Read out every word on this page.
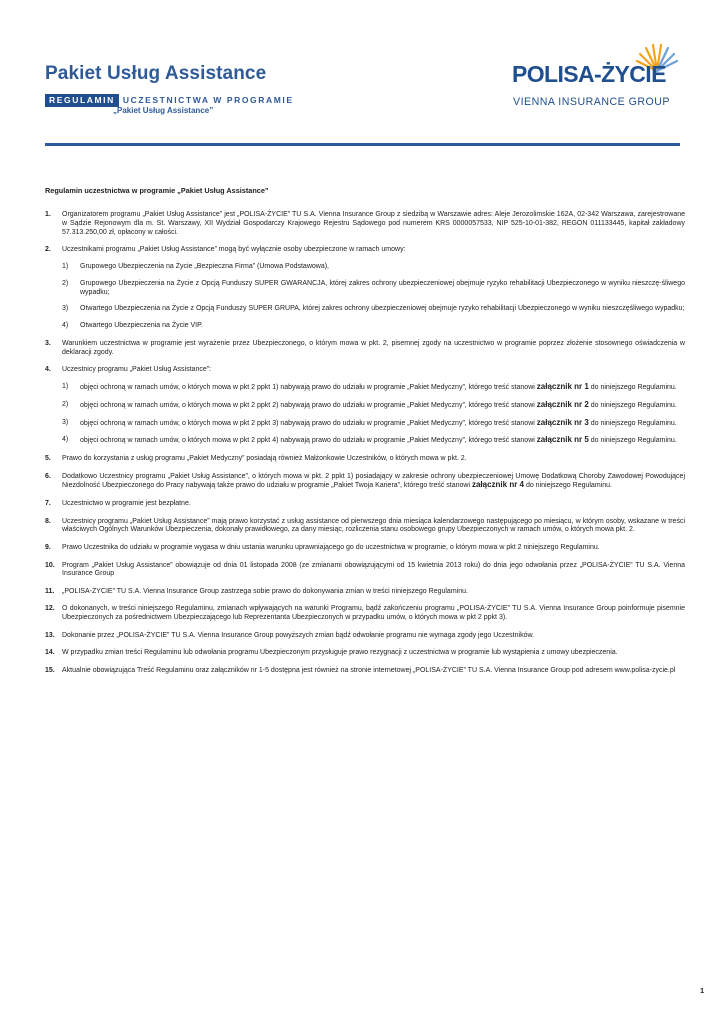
Pakiet Usług Assistance
REGULAMIN UCZESTNICTWA W PROGRAMIE
„Pakiet Usług Assistance”
POLISA-ŻYCIE
VIENNA INSURANCE GROUP
Regulamin uczestnictwa w programie „Pakiet Usług Assistance”
1. Organizatorem programu „Pakiet Usług Assistance” jest „POLISA-ŻYCIE” TU S.A. Vienna Insurance Group z siedzibą w Warszawie adres: Aleje Jerozolimskie 162A, 02-342 Warszawa, zarejestrowane w Sądzie Rejonowym dla m. St. Warszawy, XII Wydział Gospodarczy Krajowego Rejestru Sądowego pod numerem KRS 0000057533, NIP 525-10-01-382, REGON 011133445, kapitał zakładowy 57.313.250,00 zł, opłacony w całości.
2. Uczestnikami programu „Pakiet Usług Assistance” mogą być wyłącznie osoby ubezpieczone w ramach umowy:
1) Grupowego Ubezpieczenia na Życie „Bezpieczna Firma” (Umowa Podstawowa),
2) Grupowego Ubezpieczenia na Życie z Opcją Funduszy SUPER GWARANCJA, której zakres ochrony ubezpieczeniowej obejmuje ryzyko rehabilitacji Ubezpieczonego w wyniku nieszczę-śliwego wypadku;
3) Otwartego Ubezpieczenia na Życie z Opcją Funduszy SUPER GRUPA, której zakres ochrony ubezpieczeniowej obejmuje ryzyko rehabilitacji Ubezpieczonego w wyniku nieszczęśliwego wypadku;
4) Otwartego Ubezpieczenia na Życie VIP.
3. Warunkiem uczestnictwa w programie jest wyrażenie przez Ubezpieczonego, o którym mowa w pkt. 2, pisemnej zgody na uczestnictwo w programie poprzez złożenie stosownego oświadczenia w deklaracji zgody.
4. Uczestnicy programu „Pakiet Usług Assistance”:
1) objęci ochroną w ramach umów, o których mowa w pkt 2 ppkt 1) nabywają prawo do udziału w programie „Pakiet Medyczny”, którego treść stanowi załącznik nr 1 do niniejszego Regulaminu.
2) objęci ochroną w ramach umów, o których mowa w pkt 2 ppkt 2) nabywają prawo do udziału w programie „Pakiet Medyczny”, którego treść stanowi załącznik nr 2 do niniejszego Regulaminu.
3) objęci ochroną w ramach umów, o których mowa w pkt 2 ppkt 3) nabywają prawo do udziału w programie „Pakiet Medyczny”, którego treść stanowi załącznik nr 3 do niniejszego Regulaminu.
4) objęci ochroną w ramach umów, o których mowa w pkt 2 ppkt 4) nabywają prawo do udziału w programie „Pakiet Medyczny”, którego treść stanowi załącznik nr 5 do niniejszego Regulaminu.
5. Prawo do korzystania z usług programu „Pakiet Medyczny” posiadają również Małżonkowie Uczestników, o których mowa w pkt. 2.
6. Dodatkowo Uczestnicy programu „Pakiet Usług Assistance”, o których mowa w pkt. 2 ppkt 1) posiadający w zakresie ochrony ubezpieczeniowej Umowę Dodatkową Choroby Zawodowej Powodującej Niezdolność Ubezpieczonego do Pracy nabywają także prawo do udziału w programie „Pakiet Twoja Kariera”, którego treść stanowi załącznik nr 4 do niniejszego Regulaminu.
7. Uczestnictwo w programie jest bezpłatne.
8. Uczestnicy programu „Pakiet Usług Assistance” mają prawo korzystać z usług assistance od pierwszego dnia miesiąca kalendarzowego następującego po miesiącu, w którym osoby, wskazane w treści właściwych Ogólnych Warunków Ubezpieczenia, dokonały prawidłowego, za dany miesiąc, rozliczenia stanu osobowego grupy Ubezpieczonych w ramach umów, o których mowa pkt. 2.
9. Prawo Uczestnika do udziału w programie wygasa w dniu ustania warunku uprawniającego go do uczestnictwa w programie, o którym mowa w pkt 2 niniejszego Regulaminu.
10. Program „Pakiet Usług Assistance” obowiązuje od dnia 01 listopada 2008 (ze zmianami obowiązującymi od 15 kwietnia 2013 roku) do dnia jego odwołania przez „POLISA-ŻYCIE” TU S.A. Vienna Insurance Group
11. „POLISA-ŻYCIE” TU S.A. Vienna Insurance Group zastrzega sobie prawo do dokonywania zmian w treści niniejszego Regulaminu.
12. O dokonanych, w treści niniejszego Regulaminu, zmianach wpływających na warunki Programu, bądź zakończeniu programu „POLISA-ŻYCIE” TU S.A. Vienna Insurance Group poinformuje pisemnie Ubezpieczonych za pośrednictwem Ubezpieczającego lub Reprezentanta Ubezpieczonych w przypadku umów, o których mowa w pkt 2 ppkt 3).
13. Dokonanie przez „POLISA-ŻYCIE” TU S.A. Vienna Insurance Group powyższych zmian bądź odwołanie programu nie wymaga zgody jego Uczestników.
14. W przypadku zmian treści Regulaminu lub odwołania programu Ubezpieczonym przysługuje prawo rezygnacji z uczestnictwa w programie lub wystąpienia z umowy ubezpieczenia.
15. Aktualnie obowiązująca Treść Regulaminu oraz załączników nr 1-5 dostępna jest również na stronie internetowej „POLISA-ŻYCIE” TU S.A. Vienna Insurance Group pod adresem www.polisa-zycie.pl
1
